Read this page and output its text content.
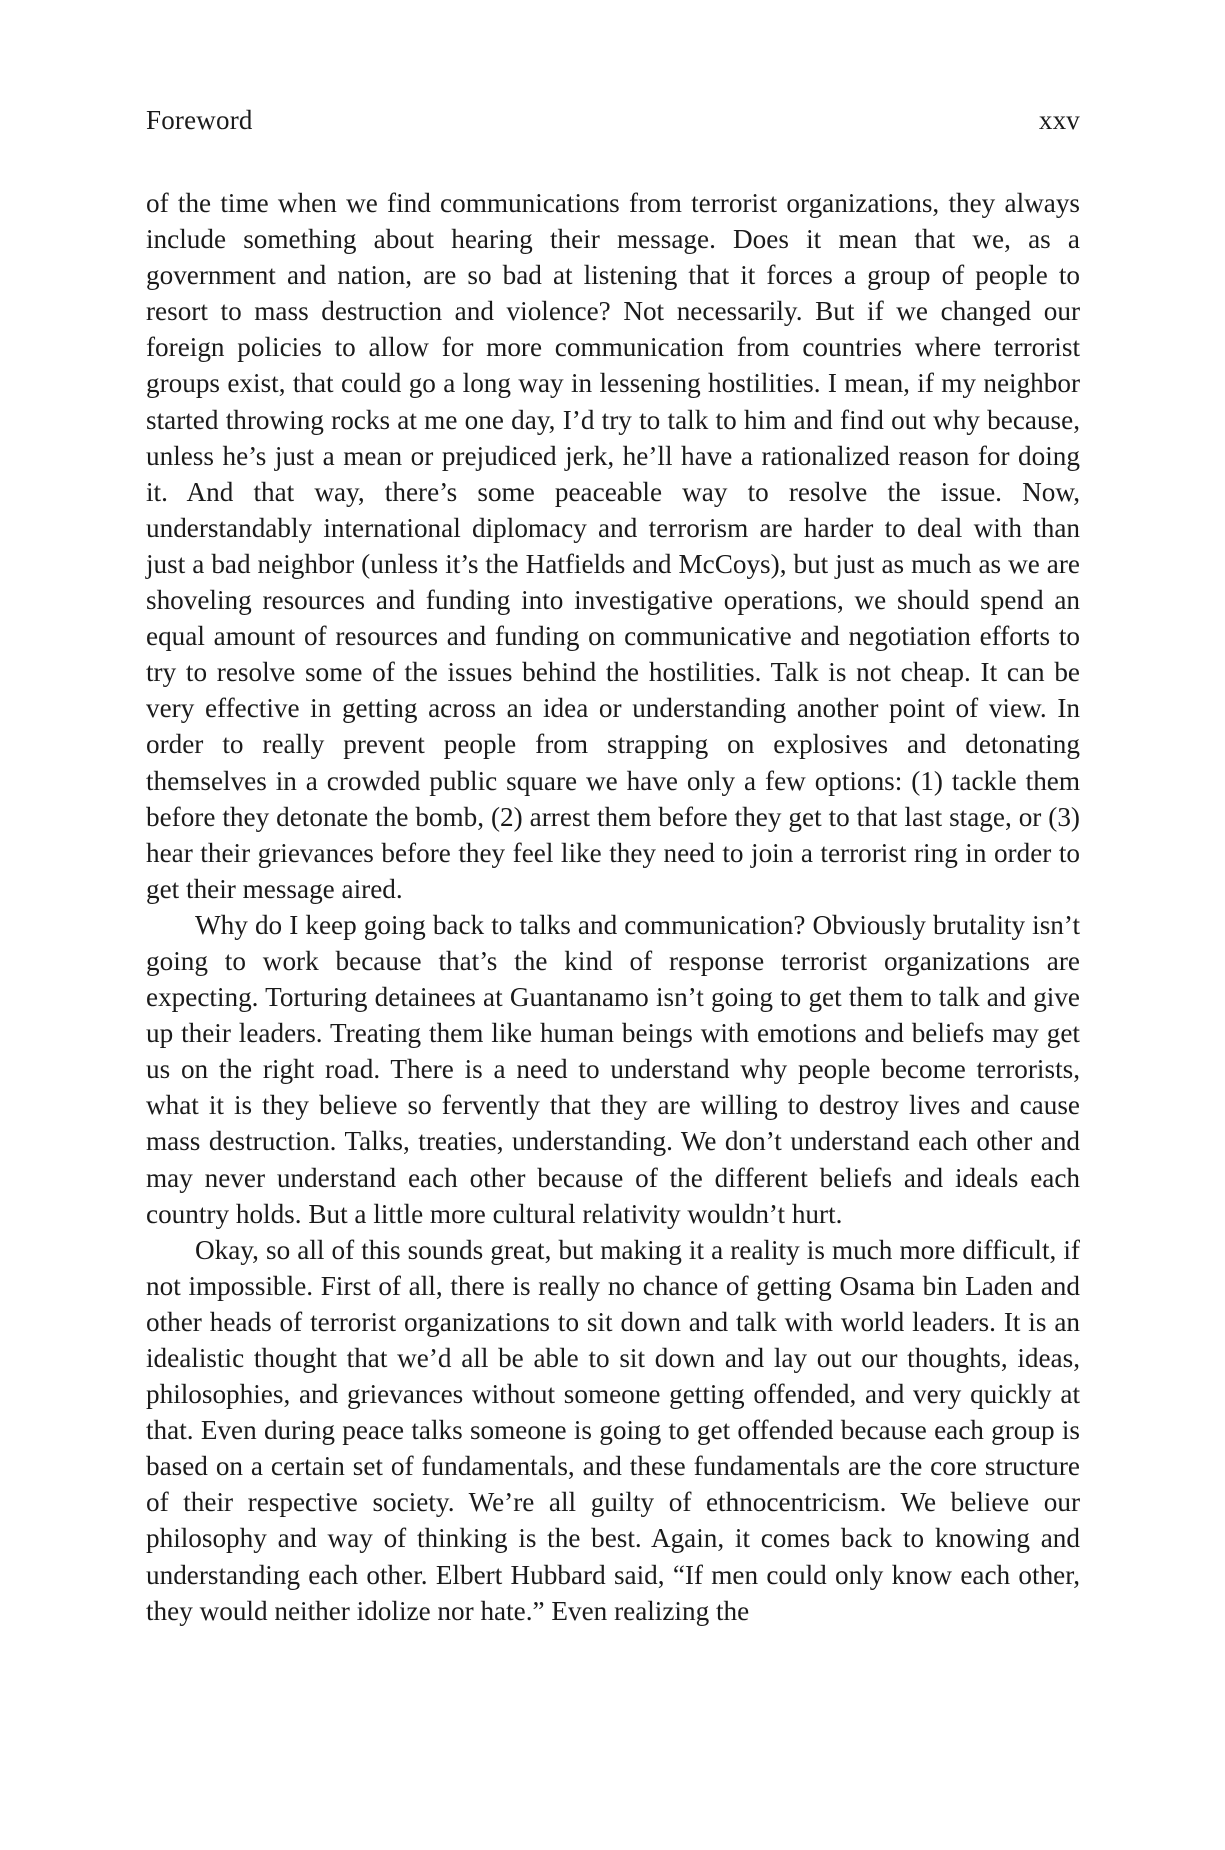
Foreword	xxv

of the time when we find communications from terrorist organizations, they always include something about hearing their message. Does it mean that we, as a government and nation, are so bad at listening that it forces a group of people to resort to mass destruction and violence? Not necessarily. But if we changed our foreign policies to allow for more communication from countries where terrorist groups exist, that could go a long way in lessening hostilities. I mean, if my neighbor started throwing rocks at me one day, I’d try to talk to him and find out why because, unless he’s just a mean or prejudiced jerk, he’ll have a rationalized reason for doing it. And that way, there’s some peaceable way to resolve the issue. Now, understandably international diplomacy and terrorism are harder to deal with than just a bad neighbor (unless it’s the Hatfields and McCoys), but just as much as we are shoveling resources and funding into investigative operations, we should spend an equal amount of resources and funding on communicative and negotiation efforts to try to resolve some of the issues behind the hostilities. Talk is not cheap. It can be very effective in getting across an idea or understanding another point of view. In order to really prevent people from strapping on explosives and detonating themselves in a crowded public square we have only a few options: (1) tackle them before they detonate the bomb, (2) arrest them before they get to that last stage, or (3) hear their grievances before they feel like they need to join a terrorist ring in order to get their message aired.

Why do I keep going back to talks and communication? Obviously brutality isn’t going to work because that’s the kind of response terrorist organizations are expecting. Torturing detainees at Guantanamo isn’t going to get them to talk and give up their leaders. Treating them like human beings with emotions and beliefs may get us on the right road. There is a need to understand why people become terrorists, what it is they believe so fervently that they are willing to destroy lives and cause mass destruction. Talks, treaties, understanding. We don’t understand each other and may never understand each other because of the different beliefs and ideals each country holds. But a little more cultural relativity wouldn’t hurt.

Okay, so all of this sounds great, but making it a reality is much more difficult, if not impossible. First of all, there is really no chance of getting Osama bin Laden and other heads of terrorist organizations to sit down and talk with world leaders. It is an idealistic thought that we’d all be able to sit down and lay out our thoughts, ideas, philosophies, and grievances without someone getting offended, and very quickly at that. Even during peace talks someone is going to get offended because each group is based on a certain set of fundamentals, and these fundamentals are the core structure of their respective society. We’re all guilty of ethnocentricism. We believe our philosophy and way of thinking is the best. Again, it comes back to knowing and understanding each other. Elbert Hubbard said, “If men could only know each other, they would neither idolize nor hate.” Even realizing the
